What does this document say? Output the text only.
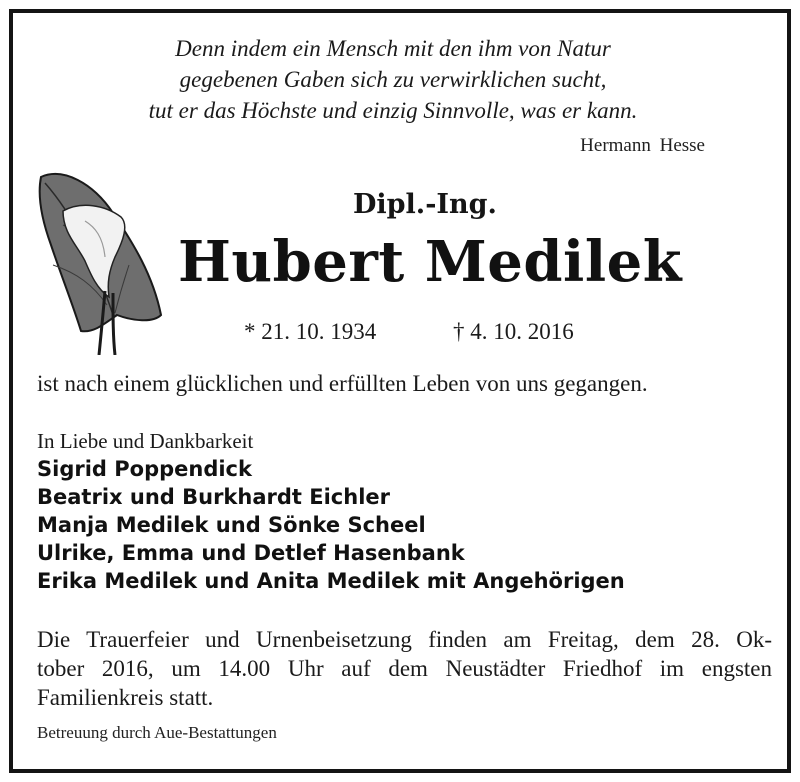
Denn indem ein Mensch mit den ihm von Natur
gegebenen Gaben sich zu verwirklichen sucht,
tut er das Höchste und einzig Sinnvolle, was er kann.
Hermann Hesse
Dipl.-Ing.
Hubert Medilek
* 21. 10. 1934	† 4. 10. 2016
ist nach einem glücklichen und erfüllten Leben von uns gegangen.
In Liebe und Dankbarkeit
Sigrid Poppendick
Beatrix und Burkhardt Eichler
Manja Medilek und Sönke Scheel
Ulrike, Emma und Detlef Hasenbank
Erika Medilek und Anita Medilek mit Angehörigen
Die Trauerfeier und Urnenbeisetzung finden am Freitag, dem 28. Ok-
tober 2016, um 14.00 Uhr auf dem Neustädter Friedhof im engsten
Familienkreis statt.
Betreuung durch Aue-Bestattungen
